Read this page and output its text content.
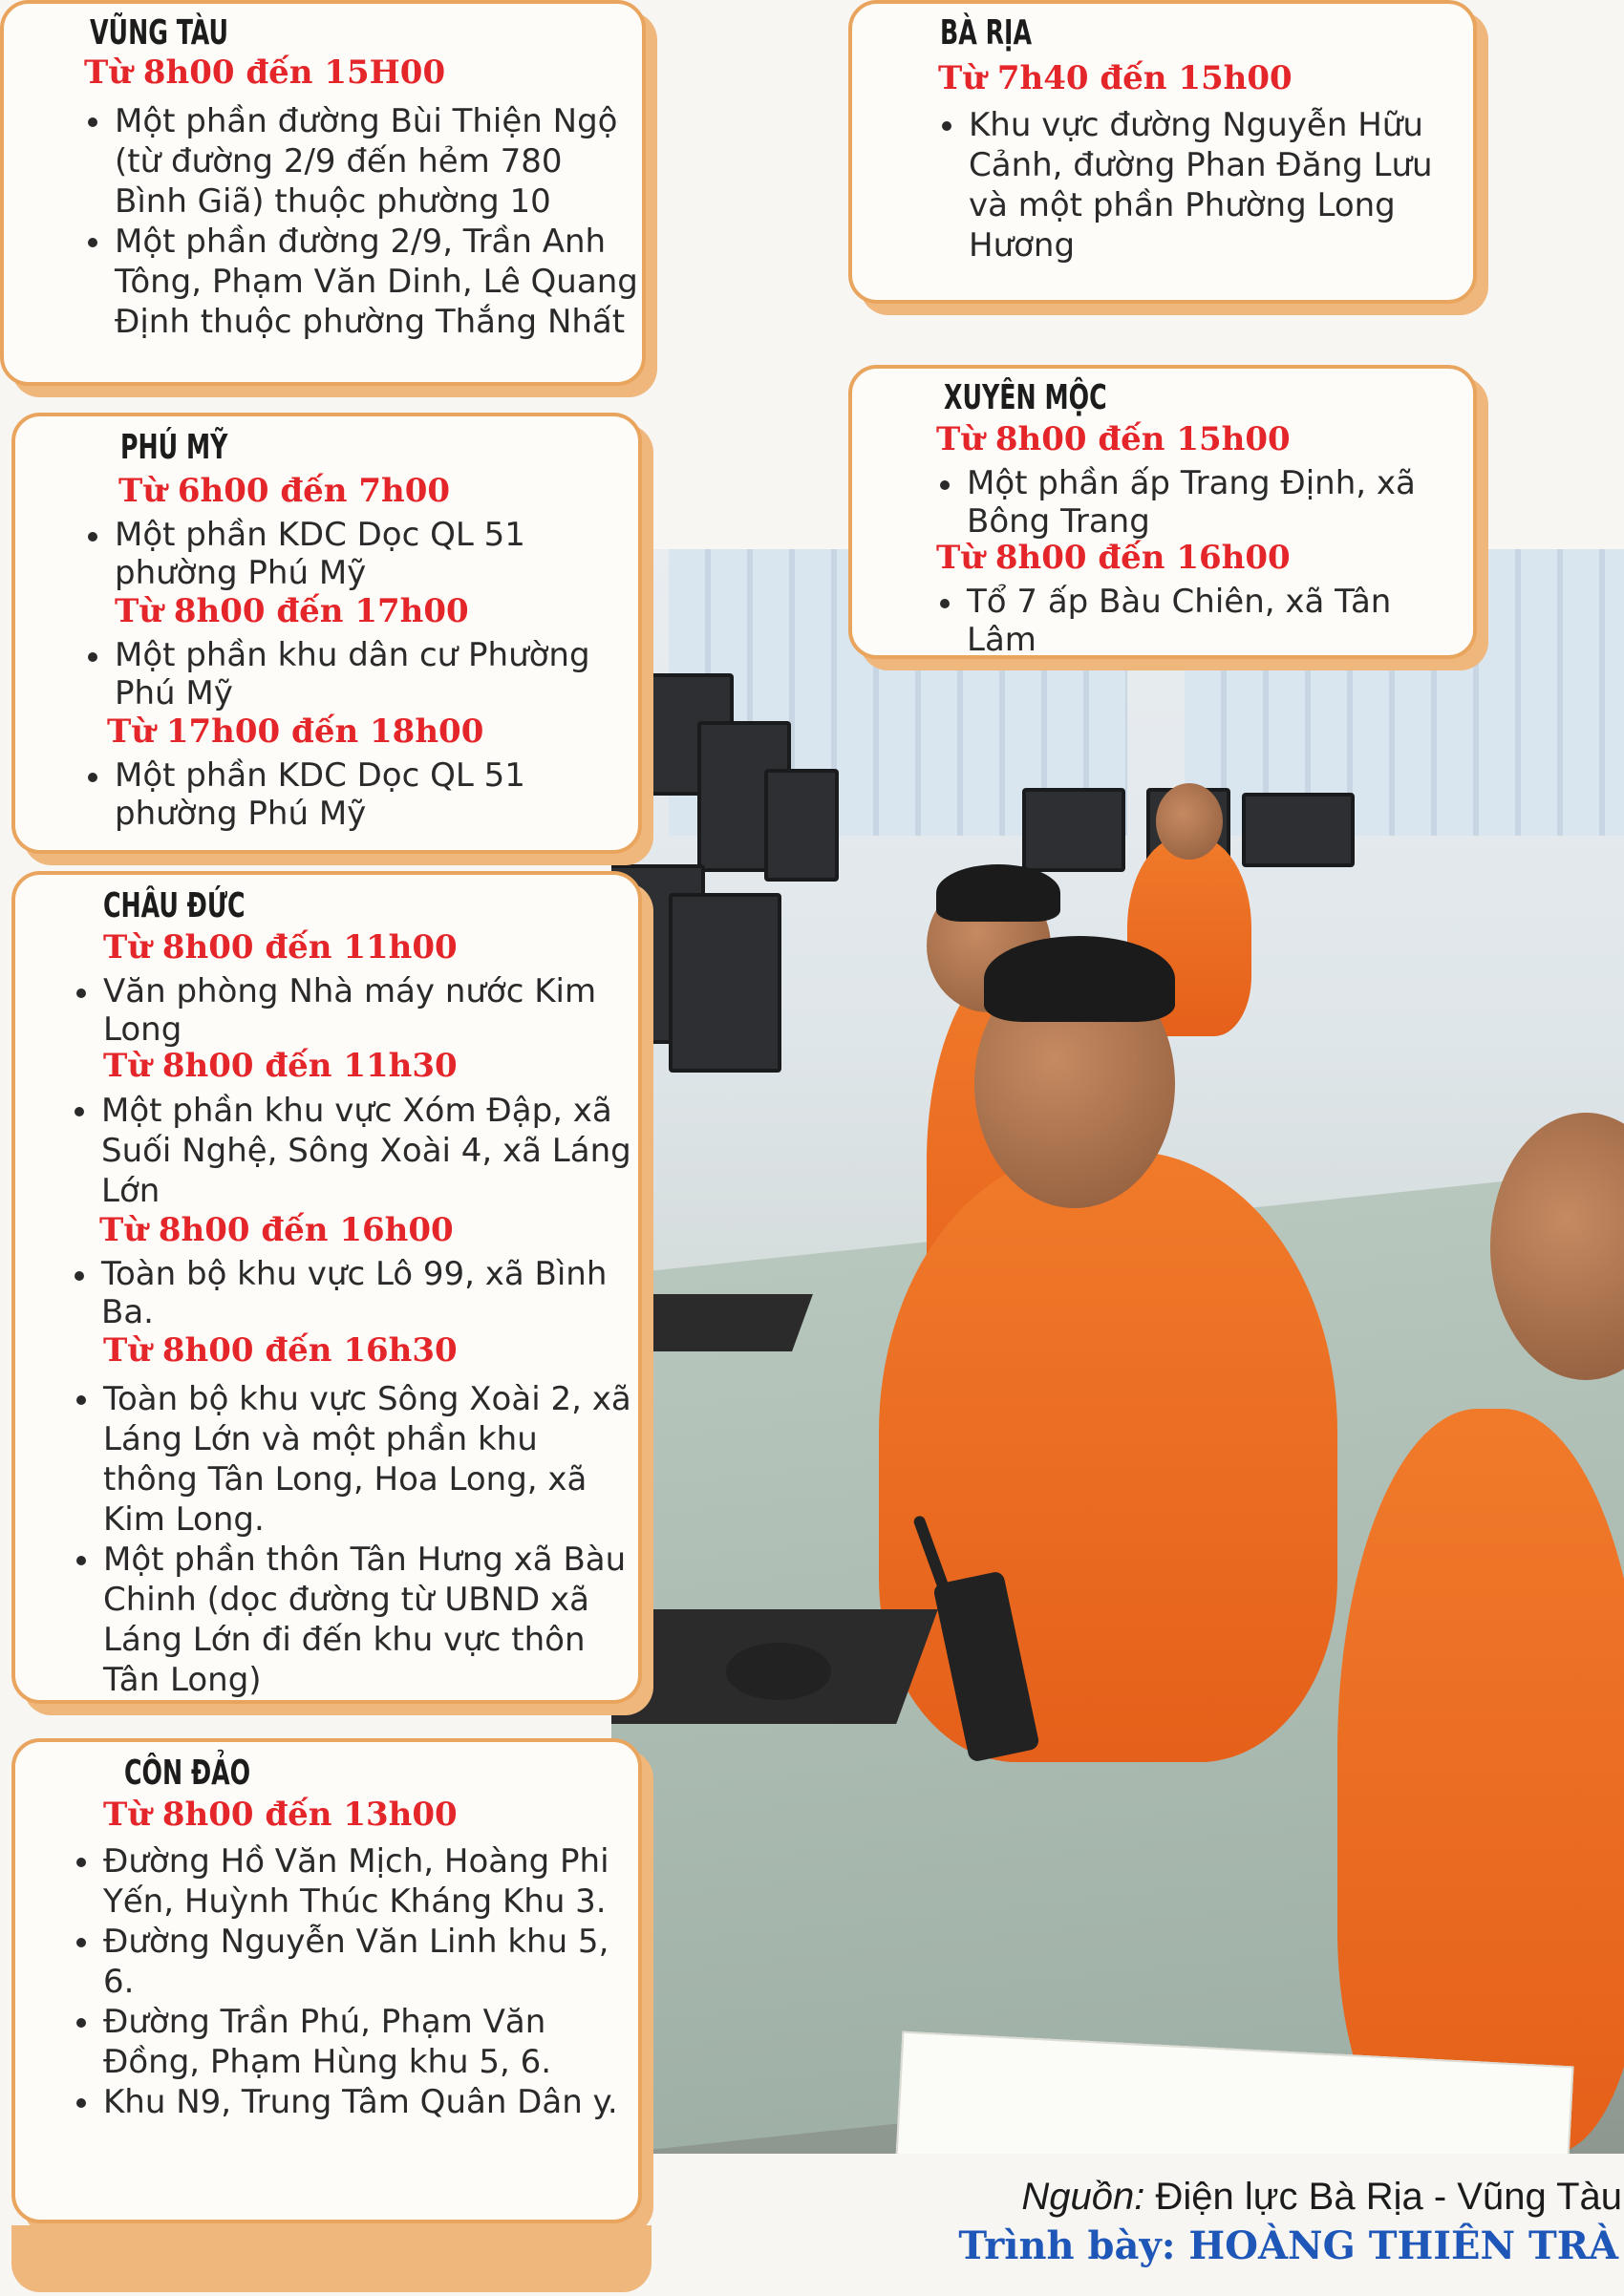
VŨNG TÀU
Từ 8h00 đến 15H00
Một phần đường Bùi Thiện Ngộ (từ đường 2/9 đến hẻm 780 Bình Giã) thuộc phường 10
Một phần đường 2/9, Trần Anh Tông, Phạm Văn Dinh, Lê Quang Định thuộc phường Thắng Nhất
BÀ RỊA
Từ 7h40 đến 15h00
Khu vực đường Nguyễn Hữu Cảnh, đường Phan Đăng Lưu và một phần Phường Long Hương
XUYÊN MỘC
Từ 8h00 đến 15h00
Một phần ấp Trang Định, xã Bông Trang
Từ 8h00 đến 16h00
Tổ 7 ấp Bàu Chiên, xã Tân Lâm
PHÚ MỸ
Từ 6h00 đến 7h00
Một phần KDC Dọc QL 51 phường Phú Mỹ
Từ 8h00 đến 17h00
Một phần khu dân cư Phường Phú Mỹ
Từ 17h00 đến 18h00
Một phần KDC Dọc QL 51 phường Phú Mỹ
CHÂU ĐỨC
Từ 8h00 đến 11h00
Văn phòng Nhà máy nước Kim Long
Từ 8h00 đến 11h30
Một phần khu vực Xóm Đập, xã Suối Nghệ, Sông Xoài 4, xã Láng Lớn
Từ 8h00 đến 16h00
Toàn bộ khu vực Lô 99, xã Bình Ba.
Từ 8h00 đến 16h30
Toàn bộ khu vực Sông Xoài 2, xã Láng Lớn và một phần khu thông Tân Long, Hoa Long, xã Kim Long.
Một phần thôn Tân Hưng xã Bàu Chinh (dọc đường từ UBND xã Láng Lớn đi đến khu vực thôn Tân Long)
CÔN ĐẢO
Từ 8h00 đến 13h00
Đường Hồ Văn Mịch, Hoàng Phi Yến, Huỳnh Thúc Kháng Khu 3.
Đường Nguyễn Văn Linh khu 5, 6.
Đường Trần Phú, Phạm Văn Đồng, Phạm Hùng khu 5, 6.
Khu N9, Trung Tâm Quân Dân y.
Nguồn: Điện lực Bà Rịa - Vũng Tàu
Trình bày: HOÀNG THIÊN TRÀ
